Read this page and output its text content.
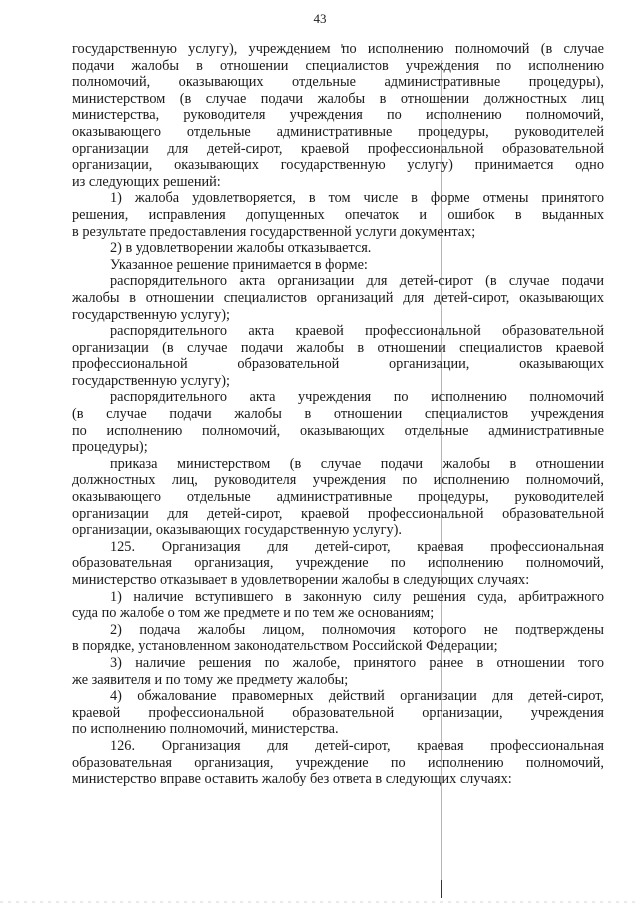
43

государственную услугу), учреждением по исполнению полномочий (в случае

подачи жалобы в отношении специалистов учреждения по исполнению

полномочий, оказывающих отдельные административные процедуры),

министерством (в случае подачи жалобы в отношении должностных лиц

министерства, руководителя учреждения по исполнению полномочий,

оказывающего отдельные административные процедуры, руководителей

организации для детей-сирот, краевой профессиональной образовательной

организации, оказывающих государственную услугу) принимается одно

из следующих решений:

1) жалоба удовлетворяется, в том числе в форме отмены принятого

решения, исправления допущенных опечаток и ошибок в выданных

в результате предоставления государственной услуги документах;

2) в удовлетворении жалобы отказывается.

Указанное решение принимается в форме:

распорядительного акта организации для детей-сирот (в случае подачи

жалобы в отношении специалистов организаций для детей-сирот, оказывающих

государственную услугу);

распорядительного акта краевой профессиональной образовательной

организации (в случае подачи жалобы в отношении специалистов краевой

профессиональной образовательной организации, оказывающих

государственную услугу);

распорядительного акта учреждения по исполнению полномочий

(в случае подачи жалобы в отношении специалистов учреждения

по исполнению полномочий, оказывающих отдельные административные

процедуры);

приказа министерством (в случае подачи жалобы в отношении

должностных лиц, руководителя учреждения по исполнению полномочий,

оказывающего отдельные административные процедуры, руководителей

организации для детей-сирот, краевой профессиональной образовательной

организации, оказывающих государственную услугу).

125. Организация для детей-сирот, краевая профессиональная

образовательная организация, учреждение по исполнению полномочий,

министерство отказывает в удовлетворении жалобы в следующих случаях:

1) наличие вступившего в законную силу решения суда, арбитражного

суда по жалобе о том же предмете и по тем же основаниям;

2) подача жалобы лицом, полномочия которого не подтверждены

в порядке, установленном законодательством Российской Федерации;

3) наличие решения по жалобе, принятого ранее в отношении того

же заявителя и по тому же предмету жалобы;

4) обжалование правомерных действий организации для детей-сирот,

краевой профессиональной образовательной организации, учреждения

по исполнению полномочий, министерства.

126. Организация для детей-сирот, краевая профессиональная

образовательная организация, учреждение по исполнению полномочий,

министерство вправе оставить жалобу без ответа в следующих случаях:
